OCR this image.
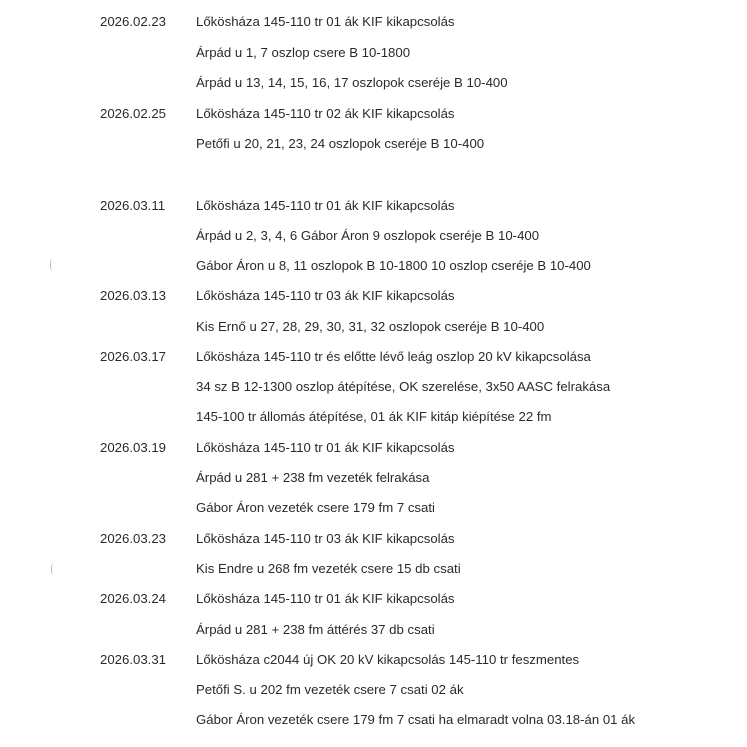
2026.02.23 Lőkösháza 145-110 tr 01 ák KIF kikapcsolás
Árpád u 1, 7 oszlop csere B 10-1800
Árpád u 13, 14, 15, 16, 17 oszlopok cseréje B 10-400
2026.02.25 Lőkösháza 145-110 tr 02 ák KIF kikapcsolás
Petőfi u 20, 21, 23, 24 oszlopok cseréje B 10-400
2026.03.11 Lőkösháza 145-110 tr 01 ák KIF kikapcsolás
Árpád u 2, 3, 4, 6 Gábor Áron 9 oszlopok cseréje B 10-400
Gábor Áron u 8, 11 oszlopok B 10-1800 10 oszlop cseréje B 10-400
2026.03.13 Lőkösháza 145-110 tr 03 ák KIF kikapcsolás
Kis Ernő u 27, 28, 29, 30, 31, 32 oszlopok cseréje B 10-400
2026.03.17 Lőkösháza 145-110 tr és előtte lévő leág oszlop 20 kV kikapcsolása
34 sz B 12-1300 oszlop átépítése, OK szerelése, 3x50 AASC felrakása
145-100 tr állomás átépítése, 01 ák KIF kitáp kiépítése 22 fm
2026.03.19 Lőkösháza 145-110 tr 01 ák KIF kikapcsolás
Árpád u 281 + 238 fm vezeték felrakása
Gábor Áron vezeték csere 179 fm 7 csati
2026.03.23 Lőkösháza 145-110 tr 03 ák KIF kikapcsolás
Kis Endre u 268 fm vezeték csere 15 db csati
2026.03.24 Lőkösháza 145-110 tr 01 ák KIF kikapcsolás
Árpád u 281 + 238 fm áttérés 37 db csati
2026.03.31 Lőkösháza c2044 új OK 20 kV kikapcsolás 145-110 tr feszmentes
Petőfi S. u 202 fm vezeték csere 7 csati 02 ák
Gábor Áron vezeték csere 179 fm 7 csati ha elmaradt volna 03.18-án 01 ák
